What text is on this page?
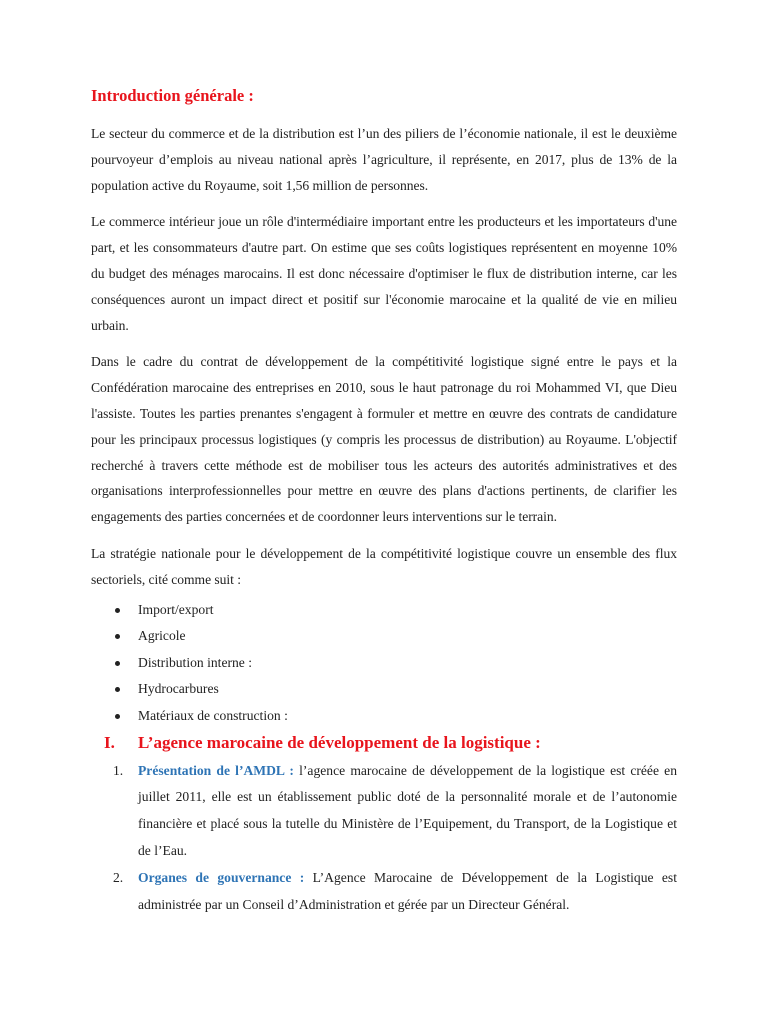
Introduction générale :

Le secteur du commerce et de la distribution est l’un des piliers de l’économie nationale, il est le deuxième pourvoyeur d’emplois au niveau national après l’agriculture, il représente, en 2017, plus de 13% de la population active du Royaume, soit 1,56 million de personnes.

Le commerce intérieur joue un rôle d'intermédiaire important entre les producteurs et les importateurs d'une part, et les consommateurs d'autre part. On estime que ses coûts logistiques représentent en moyenne 10% du budget des ménages marocains. Il est donc nécessaire d'optimiser le flux de distribution interne, car les conséquences auront un impact direct et positif sur l'économie marocaine et la qualité de vie en milieu urbain.

Dans le cadre du contrat de développement de la compétitivité logistique signé entre le pays et la Confédération marocaine des entreprises en 2010, sous le haut patronage du roi Mohammed VI, que Dieu l'assiste. Toutes les parties prenantes s'engagent à formuler et mettre en œuvre des contrats de candidature pour les principaux processus logistiques (y compris les processus de distribution) au Royaume. L'objectif recherché à travers cette méthode est de mobiliser tous les acteurs des autorités administratives et des organisations interprofessionnelles pour mettre en œuvre des plans d'actions pertinents, de clarifier les engagements des parties concernées et de coordonner leurs interventions sur le terrain.

La stratégie nationale pour le développement de la compétitivité logistique couvre un ensemble des flux sectoriels, cité comme suit :

Import/export
Agricole
Distribution interne :
Hydrocarbures
Matériaux de construction :
I.	L’agence marocaine de développement de la logistique :
1. Présentation de l’AMDL : l’agence marocaine de développement de la logistique est créée en juillet 2011, elle est un établissement public doté de la personnalité morale et de l’autonomie financière et placé sous la tutelle du Ministère de l’Equipement, du Transport, de la Logistique et de l’Eau.
2. Organes de gouvernance : L’Agence Marocaine de Développement de la Logistique est administrée par un Conseil d’Administration et gérée par un Directeur Général.
